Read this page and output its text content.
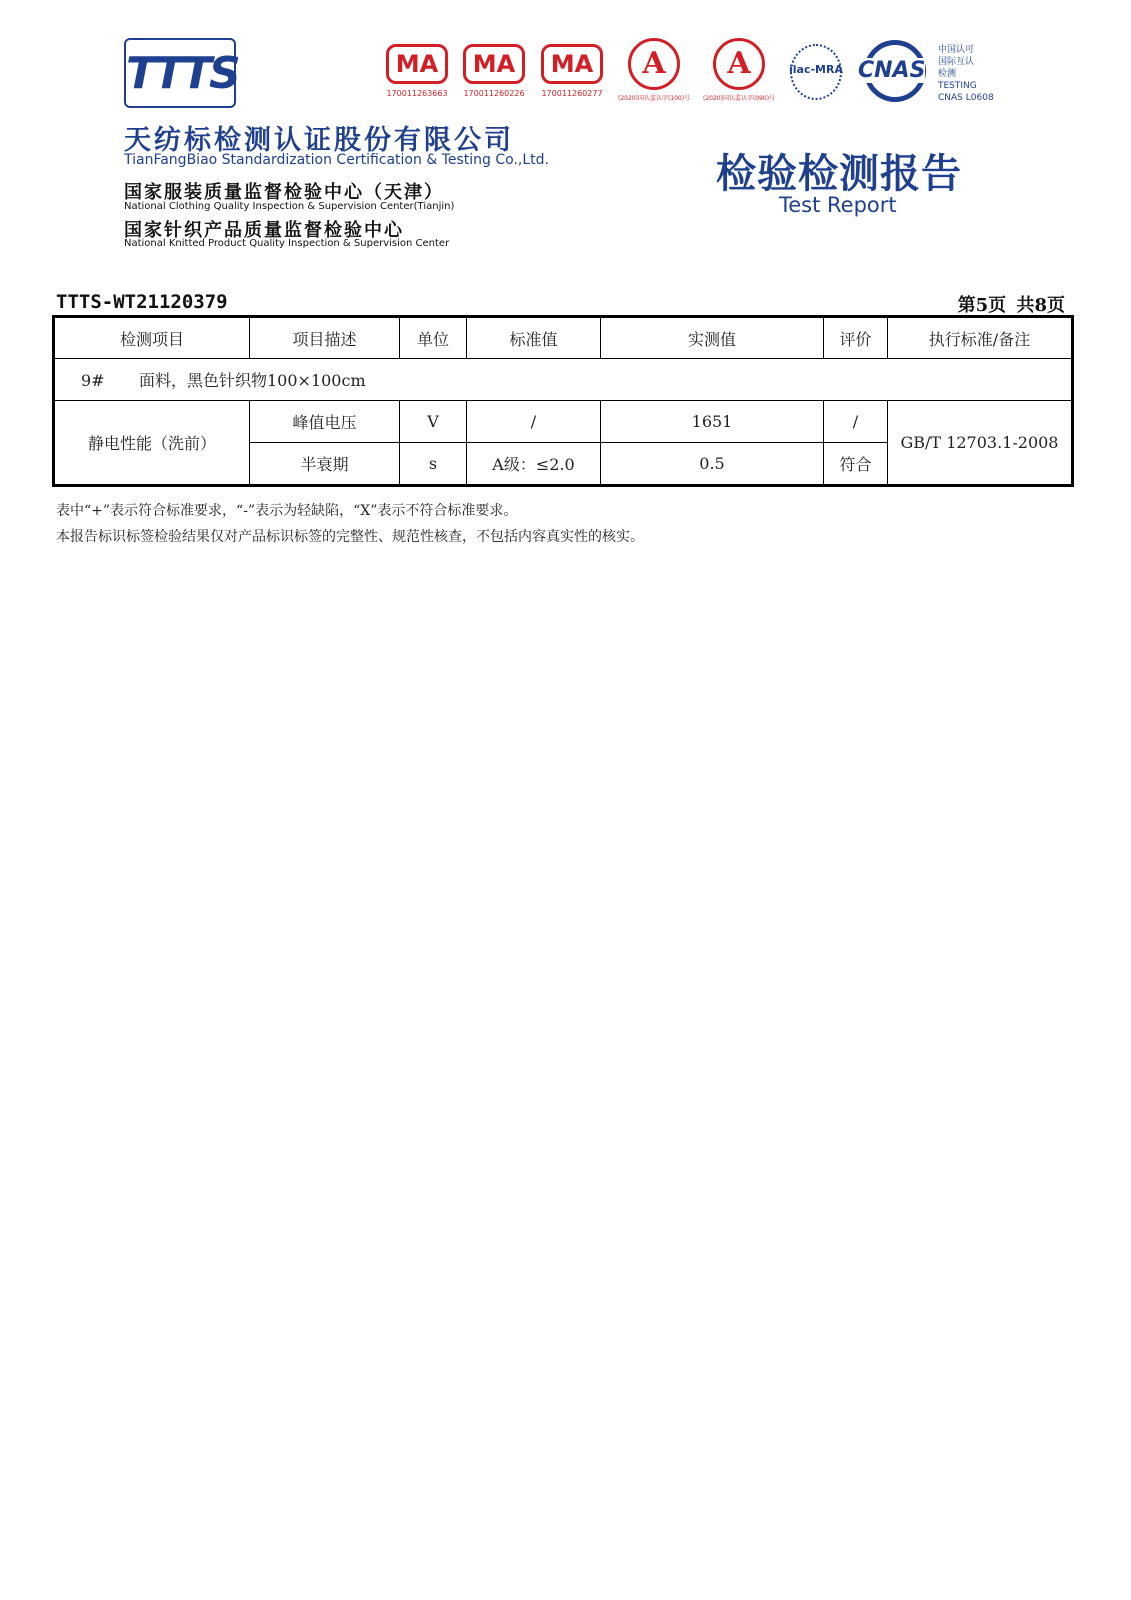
TTTS
天纺标检测认证股份有限公司
TianFangBiao Standardization Certification & Testing Co.,Ltd.
国家服装质量监督检验中心（天津）
National Clothing Quality Inspection & Supervision Center(Tianjin)
国家针织产品质量监督检验中心
National Knitted Product Quality Inspection & Supervision Center
MA
170011263663
MA
170011260226
MA
170011260277
A
(2020)国认监认字(100)号
A
(2020)国认监认字(090)号
ilac-MRA CNAS
中国认可
国际互认
检测
TESTING
CNAS L0608
检验检测报告
Test Report
TTTS-WT21120379	第5页 共8页
检测项目	项目描述	单位	标准值	实测值	评价	执行标准/备注
9# 面料，黑色针织物100×100cm						
静电性能（洗前）	峰值电压	V	/	1651	/	GB/T 12703.1-2008
	半衰期	s	A级：≤2.0	0.5	符合	
表中“+”表示符合标准要求，“-”表示为轻缺陷，“X”表示不符合标准要求。
本报告标识标签检验结果仅对产品标识标签的完整性、规范性核查，不包括内容真实性的核实。
